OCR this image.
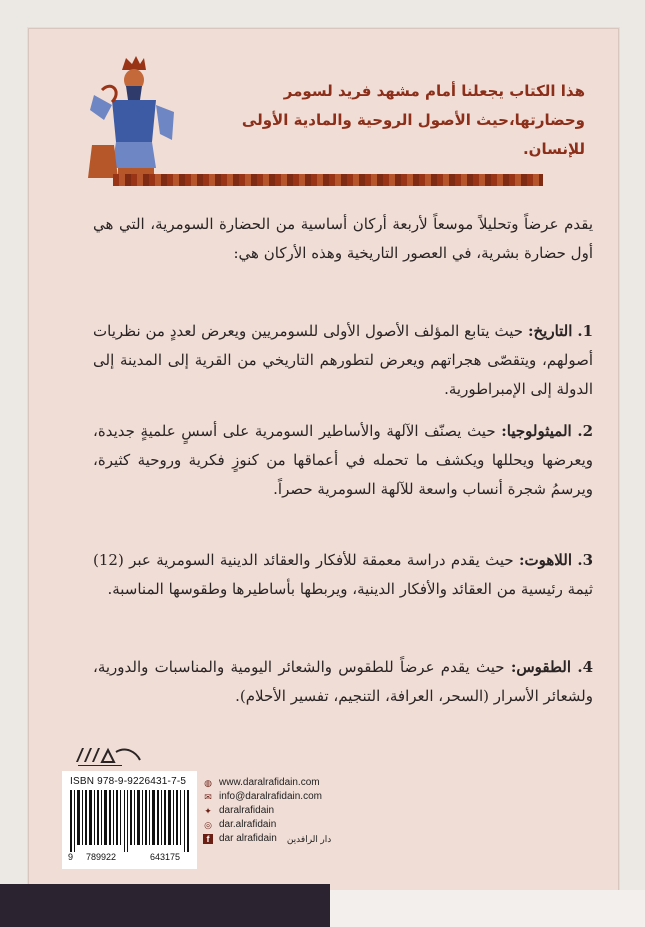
هذا الكتاب يجعلنا أمام مشهد فريد لسومر وحضارتها،حيث الأصول الروحية والمادية الأولى للإنسان.
يقدم عرضاً وتحليلاً موسعاً لأربعة أركان أساسية من الحضارة السومرية، التي هي أول حضارة بشرية، في العصور التاريخية وهذه الأركان هي:
1. التاريخ: حيث يتابع المؤلف الأصول الأولى للسومريين ويعرض لعددٍ من نظريات أصولهم، ويتقصّى هجراتهم ويعرض لتطورهم التاريخي من القرية إلى المدينة إلى الدولة إلى الإمبراطورية.
2. الميثولوجيا: حيث يصنّف الآلهة والأساطير السومرية على أسسٍ علميةٍ جديدة، ويعرضها ويحللها ويكشف ما تحمله في أعماقها من كنوزٍ فكرية وروحية كثيرة، ويرسمُ شجرة أنساب واسعة للآلهة السومرية حصراً.
3. اللاهوت: حيث يقدم دراسة معمقة للأفكار والعقائد الدينية السومرية عبر (12) ثيمة رئيسية من العقائد والأفكار الدينية، ويربطها بأساطيرها وطقوسها المناسبة.
4. الطقوس: حيث يقدم عرضاً للطقوس والشعائر اليومية والمناسبات والدورية، ولشعائر الأسرار (السحر، العرافة، التنجيم، تفسير الأحلام).
ISBN 978-9-9226431-7-5
9 789922	643175
◍ www.daralrafidain.com
✉ info@daralrafidain.com
✦ daralrafidain
◎ dar.alrafidain
f dar alrafidain دار الرافدين
